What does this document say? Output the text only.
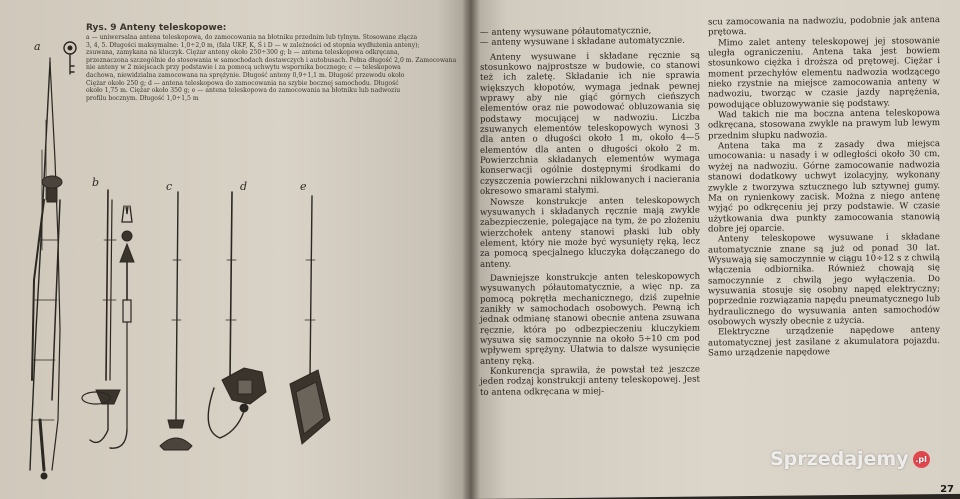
Rys. 9 Anteny teleskopowe:

a — uniwersalna antena teleskopowa, do zamocowania na błotniku przednim lub tylnym. Stosowane złącza

3, 4, 5. Długości maksymalne: 1,0÷2,0 m, (fala UKF, K, Ś i D — w zależności od stopnia wydłużenia anteny);

zsuwana, zamykana na kluczyk. Ciężar anteny około 250÷300 g; b — antena teleskopowa odkręcana,

przeznaczona szczególnie do stosowania w samochodach dostawczych i autobusach. Pełna długość 2,0 m. Zamocowana

nie anteny w 2 miejscach przy podstawie i za pomocą uchwytu wspornika bocznego; c — teleskopowa

dachowa, niewidzialna zamocowana na sprężynie. Długość anteny 0,9÷1,1 m. Długość przewodu około

Ciężar około 250 g; d — antena teleskopowa do zamocowania na szybie bocznej samochodu. Długość

około 1,75 m. Ciężar około 350 g; e — antena teleskopowa do zamocowania na błotniku lub nadwoziu

profilu bocznym. Długość 1,0÷1,5 m

a
b	c	d	e

— anteny wysuwane półautomatycznie,

— anteny wysuwane i składane automatycznie.

Anteny wysuwane i składane ręcznie są stosunkowo najprostsze w budowie, co stanowi też ich zaletę. Składanie ich nie sprawia większych kłopotów, wymaga jednak pewnej wprawy aby nie giąć górnych cieńszych elementów oraz nie powodować obluzowania się podstawy mocującej w nadwoziu. Liczba zsuwanych elementów teleskopowych wynosi 3 dla anten o długości około 1 m, około 4—5 elementów dla anten o długości około 2 m. Powierzchnia składanych elementów wymaga konserwacji ogólnie dostępnymi środkami do czyszczenia powierzchni niklowanych i nacierania okresowo smarami stałymi.

Nowsze konstrukcje anten teleskopowych wysuwanych i składanych ręcznie mają zwykle zabezpieczenie, polegające na tym, że po złożeniu wierzchołek anteny stanowi płaski lub obły element, który nie może być wysunięty ręką, lecz za pomocą specjalnego kluczyka dołączanego do anteny.

Dawniejsze konstrukcje anten teleskopowych wysuwanych półautomatycznie, a więc np. za pomocą pokrętła mechanicznego, dziś zupełnie zanikły w samochodach osobowych. Pewną ich jednak odmianę stanowi obecnie antena zsuwana ręcznie, która po odbezpieczeniu kluczykiem wysuwa się samoczynnie na około 5÷10 cm pod wpływem sprężyny. Ułatwia to dalsze wysunięcie anteny ręką.

Konkurencja sprawiła, że powstał też jeszcze jeden rodzaj konstrukcji anteny teleskopowej. Jest to antena odkręcana w miej-

scu zamocowania na nadwoziu, podobnie jak antena prętowa.

Mimo zalet anteny teleskopowej jej stosowanie uległa ograniczeniu. Antena taka jest bowiem stosunkowo ciężka i droższa od prętowej. Ciężar i moment przechyłów elementu nadwozia wodzącego nieko rzystnie na miejsce zamocowania anteny w nadwoziu, tworząc w czasie jazdy naprężenia, powodujące obluzowywanie się podstawy.

Wad takich nie ma boczna antena teleskopowa odkręcana, stosowana zwykle na prawym lub lewym przednim słupku nadwozia.

Antena taka ma z zasady dwa miejsca umocowania: u nasady i w odległości około 30 cm, wyżej na nadwoziu. Górne zamocowanie nadwozia stanowi dodatkowy uchwyt izolacyjny, wykonany zwykle z tworzywa sztucznego lub sztywnej gumy. Ma on rynienkowy zacisk. Można z niego antenę wyjąć po odkręceniu jej przy podstawie. W czasie użytkowania dwa punkty zamocowania stanowią dobre jej oparcie.

Anteny teleskopowe wysuwane i składane automatycznie znane są już od ponad 30 lat. Wysuwają się samoczynnie w ciągu 10÷12 s z chwilą włączenia odbiornika. Również chowają się samoczynnie z chwilą jego wyłączenia. Do wysuwania stosuje się osobny napęd elektryczny; poprzednie rozwiązania napędu pneumatycznego lub hydraulicznego do wysuwania anten samochodów osobowych wyszły obecnie z użycia.

Elektryczne urządzenie napędowe anteny automatycznej jest zasilane z akumulatora pojazdu. Samo urządzenie napędowe

27
Sprzedajemy .pl
